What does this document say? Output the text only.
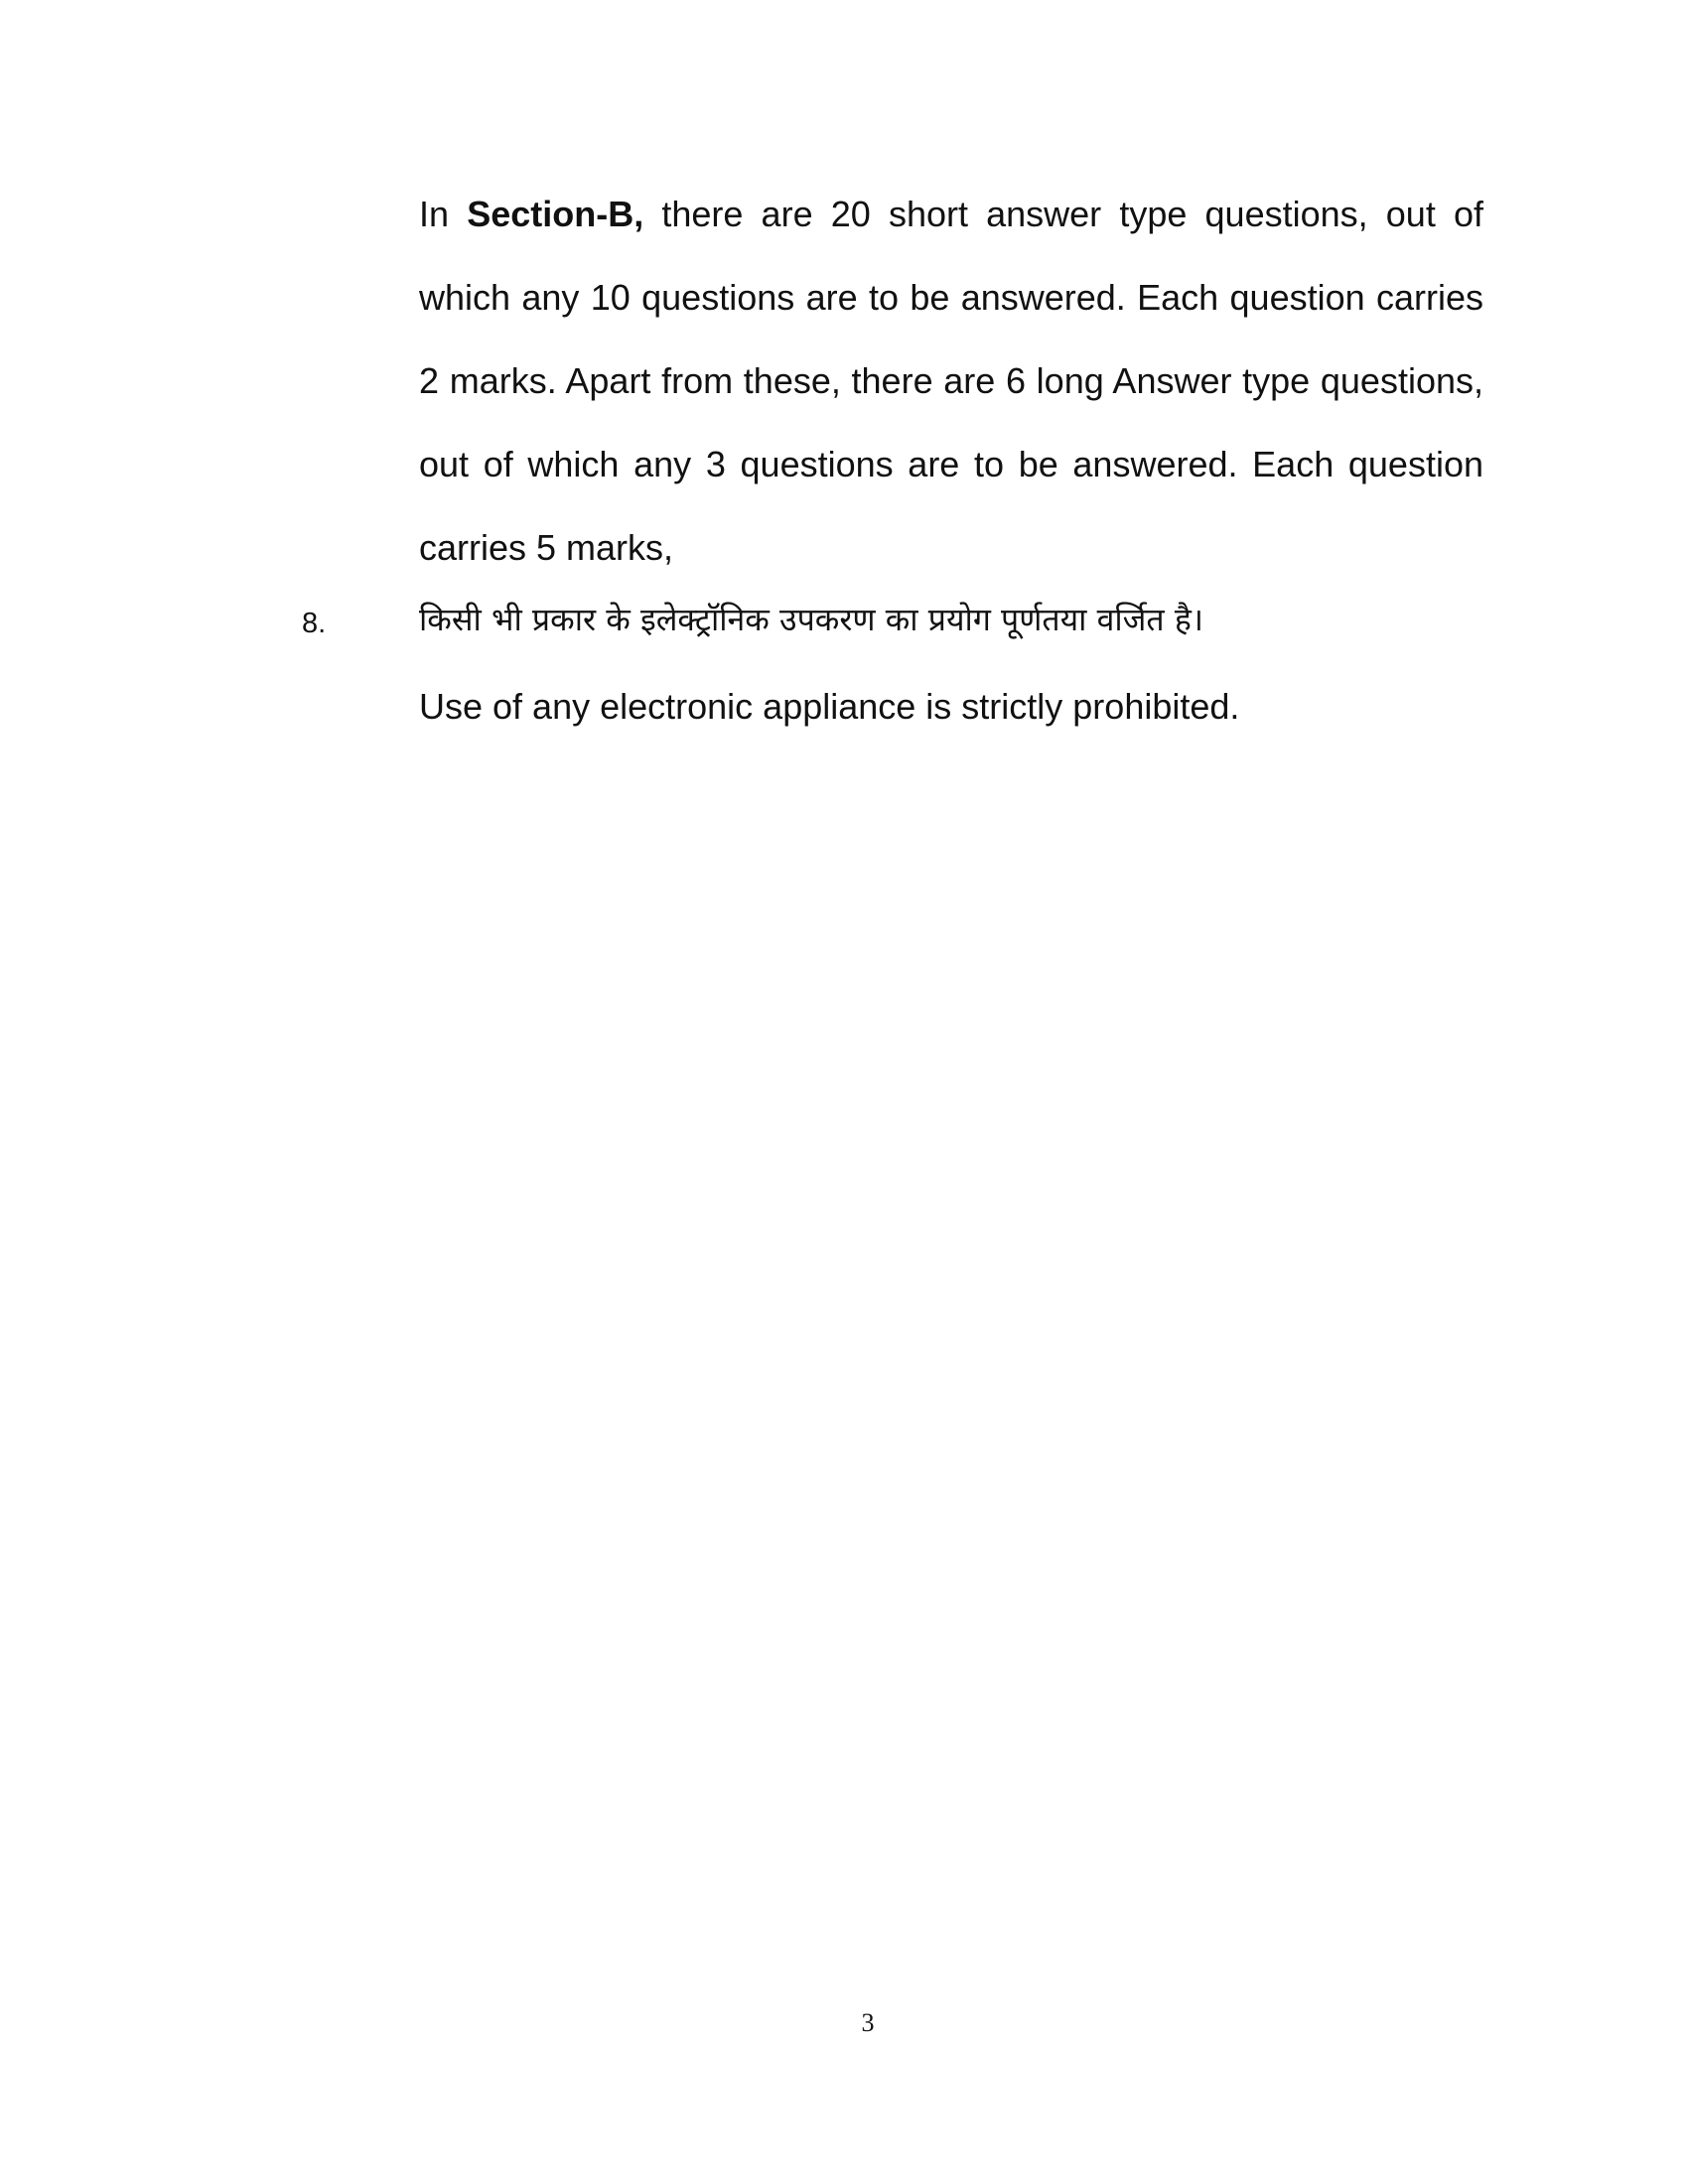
In Section-B, there are 20 short answer type questions, out of which any 10 questions are to be answered. Each question carries 2 marks. Apart from these, there are 6 long Answer type questions, out of which any 3 questions are to be answered. Each question carries 5 marks,

8.	किसी भी प्रकार के इलेक्ट्रॉनिक उपकरण का प्रयोग पूर्णतया वर्जित है।
Use of any electronic appliance is strictly prohibited.
3
